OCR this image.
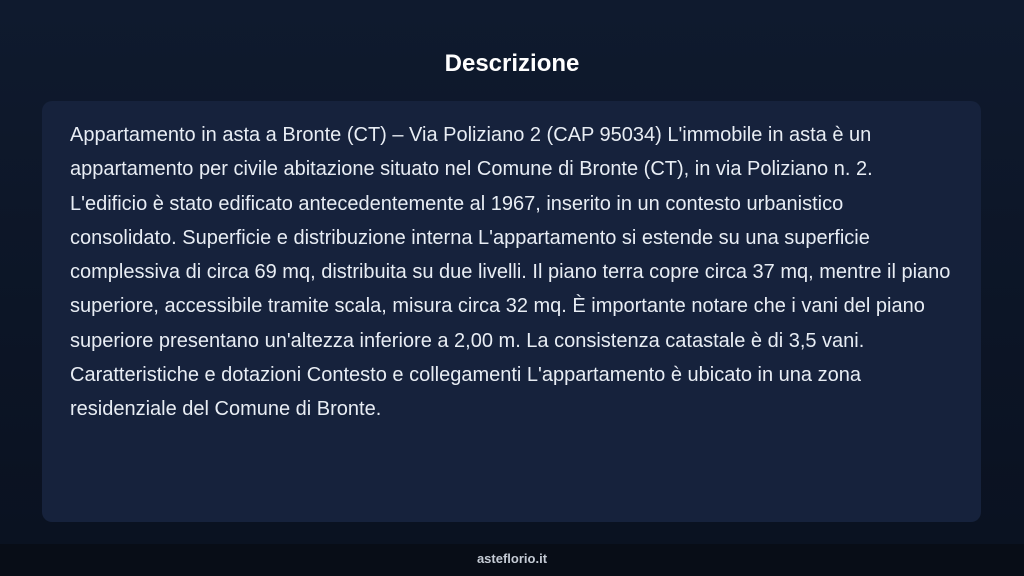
Descrizione

Appartamento in asta a Bronte (CT) – Via Poliziano 2 (CAP 95034) L'immobile in asta è un appartamento per civile abitazione situato nel Comune di Bronte (CT), in via Poliziano n. 2. L'edificio è stato edificato antecedentemente al 1967, inserito in un contesto urbanistico consolidato. Superficie e distribuzione interna L'appartamento si estende su una superficie complessiva di circa 69 mq, distribuita su due livelli. Il piano terra copre circa 37 mq, mentre il piano superiore, accessibile tramite scala, misura circa 32 mq. È importante notare che i vani del piano superiore presentano un'altezza inferiore a 2,00 m. La consistenza catastale è di 3,5 vani. Caratteristiche e dotazioni Contesto e collegamenti L'appartamento è ubicato in una zona residenziale del Comune di Bronte.

asteflorio.it
